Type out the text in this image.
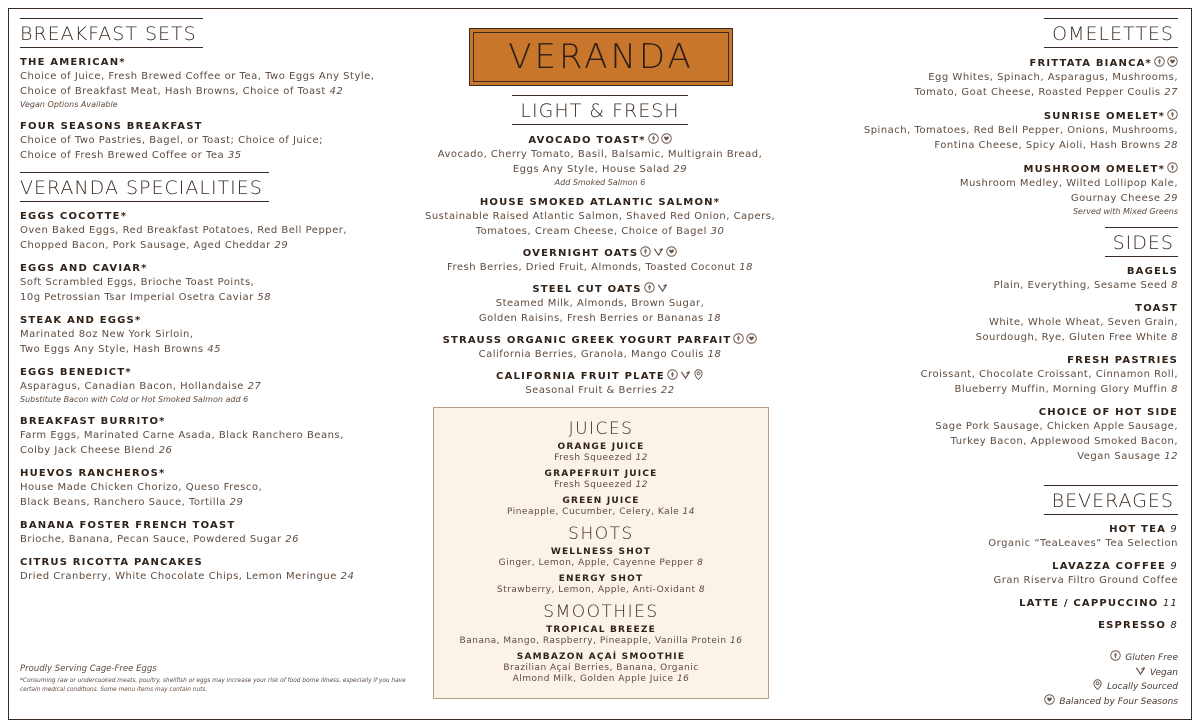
BREAKFAST SETS
THE AMERICAN*
Choice of Juice, Fresh Brewed Coffee or Tea, Two Eggs Any Style,
Choice of Breakfast Meat, Hash Browns, Choice of Toast 42
Vegan Options Available
FOUR SEASONS BREAKFAST
Choice of Two Pastries, Bagel, or Toast; Choice of Juice;
Choice of Fresh Brewed Coffee or Tea 35
VERANDA SPECIALITIES
EGGS COCOTTE*
Oven Baked Eggs, Red Breakfast Potatoes, Red Bell Pepper,
Chopped Bacon, Pork Sausage, Aged Cheddar 29
EGGS AND CAVIAR*
Soft Scrambled Eggs, Brioche Toast Points,
10g Petrossian Tsar Imperial Osetra Caviar 58
STEAK AND EGGS*
Marinated 8oz New York Sirloin,
Two Eggs Any Style, Hash Browns 45
EGGS BENEDICT*
Asparagus, Canadian Bacon, Hollandaise 27
Substitute Bacon with Cold or Hot Smoked Salmon add 6
BREAKFAST BURRITO*
Farm Eggs, Marinated Carne Asada, Black Ranchero Beans,
Colby Jack Cheese Blend 26
HUEVOS RANCHEROS*
House Made Chicken Chorizo, Queso Fresco,
Black Beans, Ranchero Sauce, Tortilla 29
BANANA FOSTER FRENCH TOAST
Brioche, Banana, Pecan Sauce, Powdered Sugar 26
CITRUS RICOTTA PANCAKES
Dried Cranberry, White Chocolate Chips, Lemon Meringue 24
VERANDA
LIGHT & FRESH
AVOCADO TOAST*
Avocado, Cherry Tomato, Basil, Balsamic, Multigrain Bread,
Eggs Any Style, House Salad 29
Add Smoked Salmon 6
HOUSE SMOKED ATLANTIC SALMON*
Sustainable Raised Atlantic Salmon, Shaved Red Onion, Capers,
Tomatoes, Cream Cheese, Choice of Bagel 30
OVERNIGHT OATS
Fresh Berries, Dried Fruit, Almonds, Toasted Coconut 18
STEEL CUT OATS
Steamed Milk, Almonds, Brown Sugar,
Golden Raisins, Fresh Berries or Bananas 18
STRAUSS ORGANIC GREEK YOGURT PARFAIT
California Berries, Granola, Mango Coulis 18
CALIFORNIA FRUIT PLATE
Seasonal Fruit & Berries 22
JUICES
ORANGE JUICE
Fresh Squeezed 12
GRAPEFRUIT JUICE
Fresh Squeezed 12
GREEN JUICE
Pineapple, Cucumber, Celery, Kale 14
SHOTS
WELLNESS SHOT
Ginger, Lemon, Apple, Cayenne Pepper 8
ENERGY SHOT
Strawberry, Lemon, Apple, Anti-Oxidant 8
SMOOTHIES
TROPICAL BREEZE
Banana, Mango, Raspberry, Pineapple, Vanilla Protein 16
SAMBAZON AÇAÍ SMOOTHIE
Brazilian Açaí Berries, Banana, Organic
Almond Milk, Golden Apple Juice 16
OMELETTES
FRITTATA BIANCA*
Egg Whites, Spinach, Asparagus, Mushrooms,
Tomato, Goat Cheese, Roasted Pepper Coulis 27
SUNRISE OMELET*
Spinach, Tomatoes, Red Bell Pepper, Onions, Mushrooms,
Fontina Cheese, Spicy Aioli, Hash Browns 28
MUSHROOM OMELET*
Mushroom Medley, Wilted Lollipop Kale,
Gournay Cheese 29
Served with Mixed Greens
SIDES
BAGELS
Plain, Everything, Sesame Seed 8
TOAST
White, Whole Wheat, Seven Grain,
Sourdough, Rye, Gluten Free White 8
FRESH PASTRIES
Croissant, Chocolate Croissant, Cinnamon Roll,
Blueberry Muffin, Morning Glory Muffin 8
CHOICE OF HOT SIDE
Sage Pork Sausage, Chicken Apple Sausage,
Turkey Bacon, Applewood Smoked Bacon,
Vegan Sausage 12
BEVERAGES
HOT TEA 9
Organic “TeaLeaves” Tea Selection
LAVAZZA COFFEE 9
Gran Riserva Filtro Ground Coffee
LATTE / CAPPUCCINO 11
ESPRESSO 8
Gluten Free
Vegan
Locally Sourced
Balanced by Four Seasons
Proudly Serving Cage-Free Eggs
*Consuming raw or undercooked meats, poultry, shellfish or eggs may increase your risk of food borne illness, especially if you have certain medical conditions. Some menu items may contain nuts.
